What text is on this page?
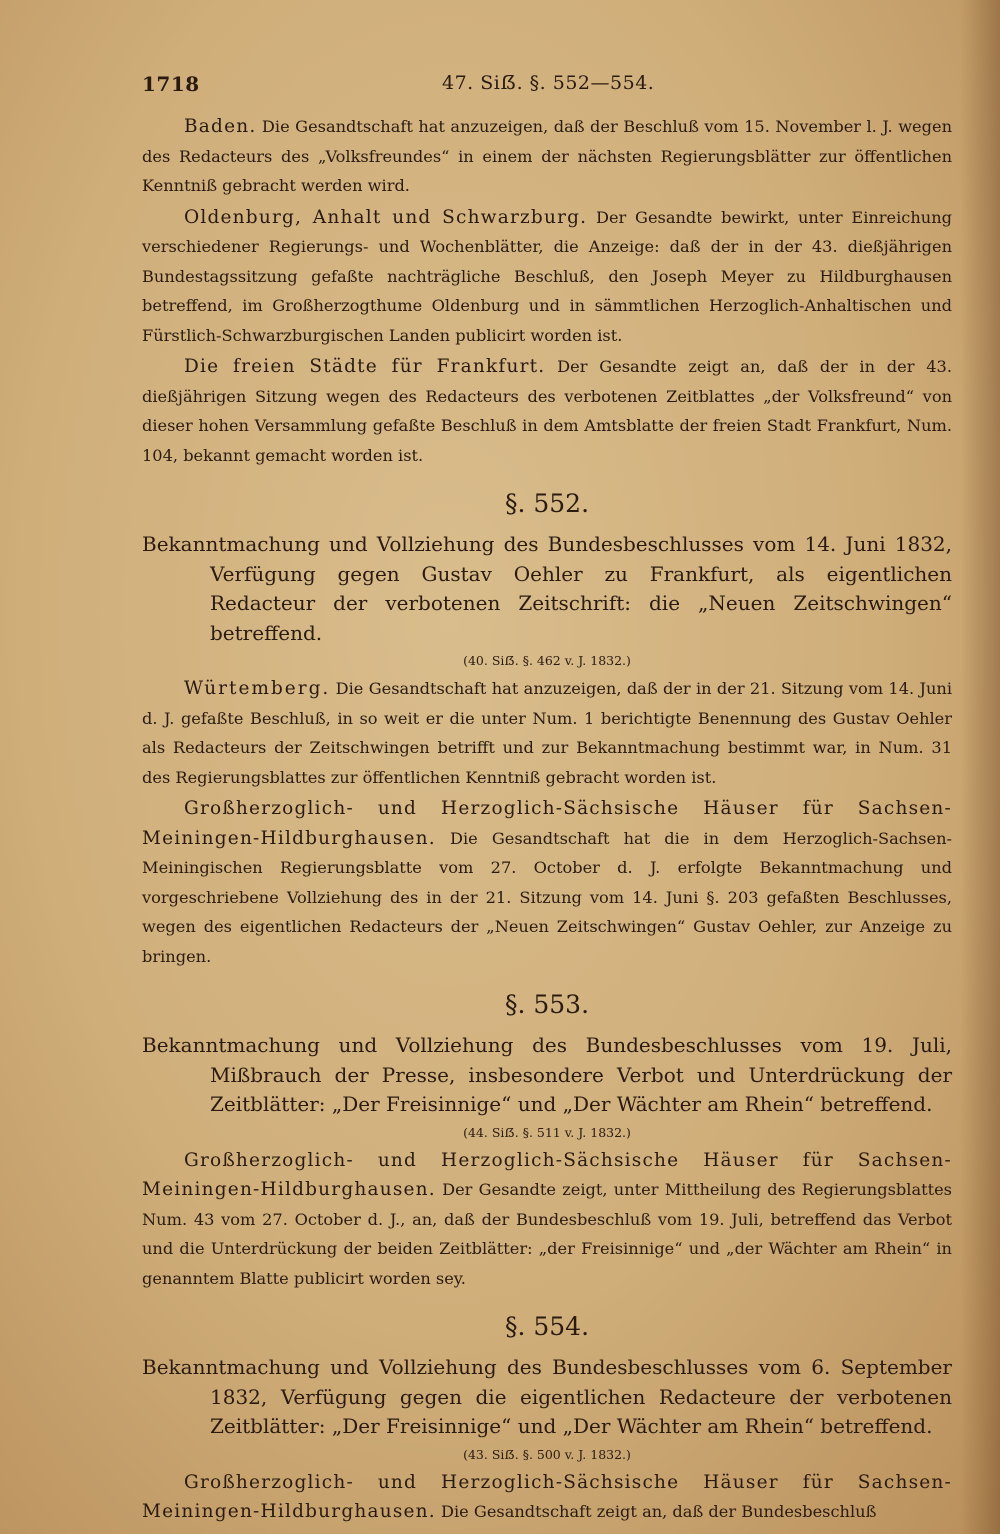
1718	47. Siẞ. §. 552—554.

Baden. Die Gesandtschaft hat anzuzeigen, daß der Beschluß vom 15. November l. J. wegen des Redacteurs des „Volksfreundes“ in einem der nächsten Regierungsblätter zur öffentlichen Kenntniß gebracht werden wird.

Oldenburg, Anhalt und Schwarzburg. Der Gesandte bewirkt, unter Einreichung verschiedener Regierungs- und Wochenblätter, die Anzeige: daß der in der 43. dießjährigen Bundestagssitzung gefaßte nachträgliche Beschluß, den Joseph Meyer zu Hildburghausen betreffend, im Großherzogthume Oldenburg und in sämmtlichen Herzoglich-Anhaltischen und Fürstlich-Schwarzburgischen Landen publicirt worden ist.

Die freien Städte für Frankfurt. Der Gesandte zeigt an, daß der in der 43. dießjährigen Sitzung wegen des Redacteurs des verbotenen Zeitblattes „der Volksfreund“ von dieser hohen Versammlung gefaßte Beschluß in dem Amtsblatte der freien Stadt Frankfurt, Num. 104, bekannt gemacht worden ist.

§. 552.

Bekanntmachung und Vollziehung des Bundesbeschlusses vom 14. Juni 1832, Verfügung gegen Gustav Oehler zu Frankfurt, als eigentlichen Redacteur der verbotenen Zeitschrift: die „Neuen Zeitschwingen“ betreffend.

(40. Siẞ. §. 462 v. J. 1832.)

Würtemberg. Die Gesandtschaft hat anzuzeigen, daß der in der 21. Sitzung vom 14. Juni d. J. gefaßte Beschluß, in so weit er die unter Num. 1 berichtigte Benennung des Gustav Oehler als Redacteurs der Zeitschwingen betrifft und zur Bekanntmachung bestimmt war, in Num. 31 des Regierungsblattes zur öffentlichen Kenntniß gebracht worden ist.

Großherzoglich- und Herzoglich-Sächsische Häuser für Sachsen-Meiningen-Hildburghausen. Die Gesandtschaft hat die in dem Herzoglich-Sachsen-Meiningischen Regierungsblatte vom 27. October d. J. erfolgte Bekanntmachung und vorgeschriebene Vollziehung des in der 21. Sitzung vom 14. Juni §. 203 gefaßten Beschlusses, wegen des eigentlichen Redacteurs der „Neuen Zeitschwingen“ Gustav Oehler, zur Anzeige zu bringen.

§. 553.

Bekanntmachung und Vollziehung des Bundesbeschlusses vom 19. Juli, Mißbrauch der Presse, insbesondere Verbot und Unterdrückung der Zeitblätter: „Der Freisinnige“ und „Der Wächter am Rhein“ betreffend.

(44. Siẞ. §. 511 v. J. 1832.)

Großherzoglich- und Herzoglich-Sächsische Häuser für Sachsen-Meiningen-Hildburghausen. Der Gesandte zeigt, unter Mittheilung des Regierungsblattes Num. 43 vom 27. October d. J., an, daß der Bundesbeschluß vom 19. Juli, betreffend das Verbot und die Unterdrückung der beiden Zeitblätter: „der Freisinnige“ und „der Wächter am Rhein“ in genanntem Blatte publicirt worden sey.

§. 554.

Bekanntmachung und Vollziehung des Bundesbeschlusses vom 6. September 1832, Verfügung gegen die eigentlichen Redacteure der verbotenen Zeitblätter: „Der Freisinnige“ und „Der Wächter am Rhein“ betreffend.

(43. Siẞ. §. 500 v. J. 1832.)

Großherzoglich- und Herzoglich-Sächsische Häuser für Sachsen-Meiningen-Hildburghausen. Die Gesandtschaft zeigt an, daß der Bundesbeschluß
